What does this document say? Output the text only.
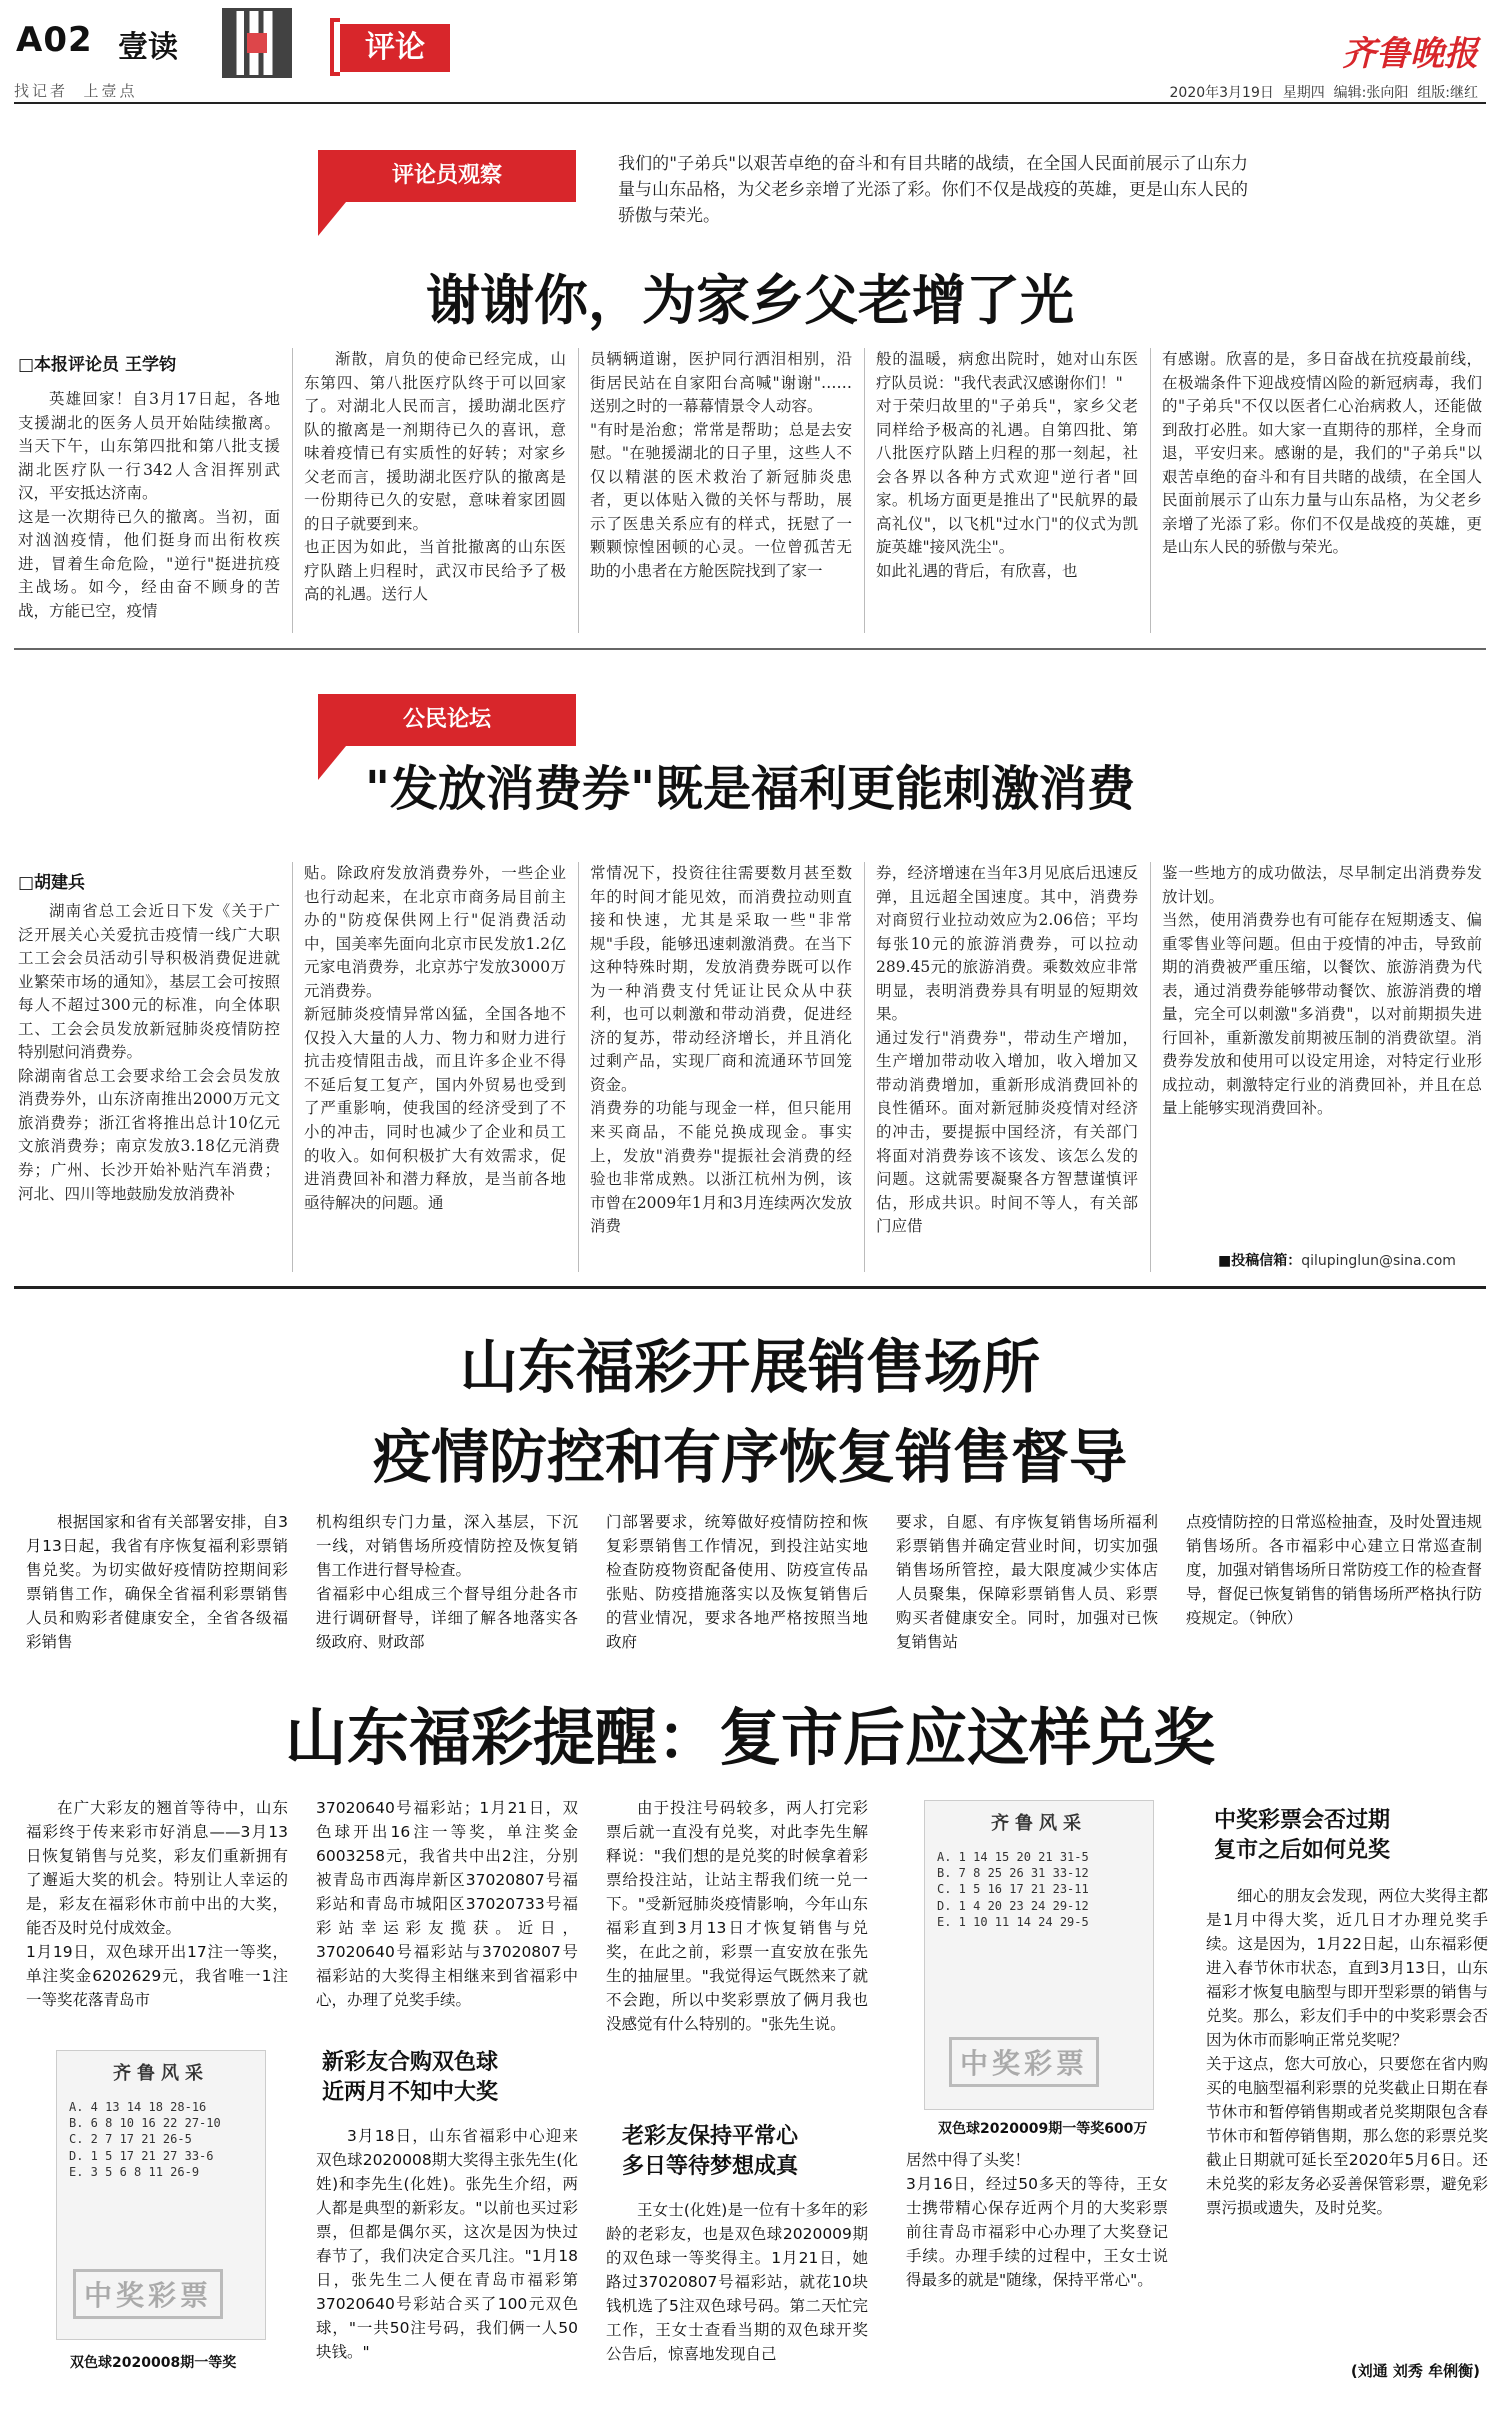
A02 壹读
找记者  上壹点
评论	齐鲁晚报
2020年3月19日  星期四  编辑:张向阳  组版:继红
评论员观察	我们的"子弟兵"以艰苦卓绝的奋斗和有目共睹的战绩，在全国人民面前展示了山东力量与山东品格，为父老乡亲增了光添了彩。你们不仅是战疫的英雄，更是山东人民的骄傲与荣光。
谢谢你，为家乡父老增了光
□本报评论员 王学钧
英雄回家！自3月17日起，各地支援湖北的医务人员开始陆续撤离。当天下午，山东第四批和第八批支援湖北医疗队一行342人含泪挥别武汉，平安抵达济南。
这是一次期待已久的撤离。当初，面对汹汹疫情，他们挺身而出衔枚疾进，冒着生命危险，"逆行"挺进抗疫主战场。如今，经由奋不顾身的苦战，方能已空，疫情
渐散，肩负的使命已经完成，山东第四、第八批医疗队终于可以回家了。对湖北人民而言，援助湖北医疗队的撤离是一剂期待已久的喜讯，意味着疫情已有实质性的好转；对家乡父老而言，援助湖北医疗队的撤离是一份期待已久的安慰，意味着家团圆的日子就要到来。
也正因为如此，当首批撤离的山东医疗队踏上归程时，武汉市民给予了极高的礼遇。送行人
员辆辆道谢，医护同行洒泪相别，沿街居民站在自家阳台高喊"谢谢"……送别之时的一幕幕情景令人动容。
"有时是治愈；常常是帮助；总是去安慰。"在驰援湖北的日子里，这些人不仅以精湛的医术救治了新冠肺炎患者，更以体贴入微的关怀与帮助，展示了医患关系应有的样式，抚慰了一颗颗惊惶困顿的心灵。一位曾孤苦无助的小患者在方舱医院找到了家一
般的温暖，病愈出院时，她对山东医疗队员说："我代表武汉感谢你们！"
对于荣归故里的"子弟兵"，家乡父老同样给予极高的礼遇。自第四批、第八批医疗队踏上归程的那一刻起，社会各界以各种方式欢迎"逆行者"回家。机场方面更是推出了"民航界的最高礼仪"，以飞机"过水门"的仪式为凯旋英雄"接风洗尘"。
如此礼遇的背后，有欣喜，也
有感谢。欣喜的是，多日奋战在抗疫最前线，在极端条件下迎战疫情凶险的新冠病毒，我们的"子弟兵"不仅以医者仁心治病救人，还能做到敌打必胜。如大家一直期待的那样，全身而退，平安归来。感谢的是，我们的"子弟兵"以艰苦卓绝的奋斗和有目共睹的战绩，在全国人民面前展示了山东力量与山东品格，为父老乡亲增了光添了彩。你们不仅是战疫的英雄，更是山东人民的骄傲与荣光。
公民论坛
"发放消费券"既是福利更能刺激消费
□胡建兵
湖南省总工会近日下发《关于广泛开展关心关爱抗击疫情一线广大职工工会会员活动引导积极消费促进就业繁荣市场的通知》，基层工会可按照每人不超过300元的标准，向全体职工、工会会员发放新冠肺炎疫情防控特别慰问消费券。
除湖南省总工会要求给工会会员发放消费券外，山东济南推出2000万元文旅消费券；浙江省将推出总计10亿元文旅消费券；南京发放3.18亿元消费券；广州、长沙开始补贴汽车消费；河北、四川等地鼓励发放消费补
贴。除政府发放消费券外，一些企业也行动起来，在北京市商务局目前主办的"防疫保供网上行"促消费活动中，国美率先面向北京市民发放1.2亿元家电消费券，北京苏宁发放3000万元消费券。
新冠肺炎疫情异常凶猛，全国各地不仅投入大量的人力、物力和财力进行抗击疫情阻击战，而且许多企业不得不延后复工复产，国内外贸易也受到了严重影响，使我国的经济受到了不小的冲击，同时也减少了企业和员工的收入。如何积极扩大有效需求，促进消费回补和潜力释放，是当前各地亟待解决的问题。通
常情况下，投资往往需要数月甚至数年的时间才能见效，而消费拉动则直接和快速，尤其是采取一些"非常规"手段，能够迅速刺激消费。在当下这种特殊时期，发放消费券既可以作为一种消费支付凭证让民众从中获利，也可以刺激和带动消费，促进经济的复苏，带动经济增长，并且消化过剩产品，实现厂商和流通环节回笼资金。
消费券的功能与现金一样，但只能用来买商品，不能兑换成现金。事实上，发放"消费券"提振社会消费的经验也非常成熟。以浙江杭州为例，该市曾在2009年1月和3月连续两次发放消费
券，经济增速在当年3月见底后迅速反弹，且远超全国速度。其中，消费券对商贸行业拉动效应为2.06倍；平均每张10元的旅游消费券，可以拉动289.45元的旅游消费。乘数效应非常明显，表明消费券具有明显的短期效果。
通过发行"消费券"，带动生产增加，生产增加带动收入增加，收入增加又带动消费增加，重新形成消费回补的良性循环。面对新冠肺炎疫情对经济的冲击，要提振中国经济，有关部门将面对消费券该不该发、该怎么发的问题。这就需要凝聚各方智慧谨慎评估，形成共识。时间不等人，有关部门应借
鉴一些地方的成功做法，尽早制定出消费券发放计划。
当然，使用消费券也有可能存在短期透支、偏重零售业等问题。但由于疫情的冲击，导致前期的消费被严重压缩，以餐饮、旅游消费为代表，通过消费券能够带动餐饮、旅游消费的增量，完全可以刺激"多消费"，以对前期损失进行回补，重新激发前期被压制的消费欲望。消费券发放和使用可以设定用途，对特定行业形成拉动，刺激特定行业的消费回补，并且在总量上能够实现消费回补。
■投稿信箱：qilupinglun@sina.com
山东福彩开展销售场所
疫情防控和有序恢复销售督导
根据国家和省有关部署安排，自3月13日起，我省有序恢复福利彩票销售兑奖。为切实做好疫情防控期间彩票销售工作，确保全省福利彩票销售人员和购彩者健康安全，全省各级福彩销售
机构组织专门力量，深入基层，下沉一线，对销售场所疫情防控及恢复销售工作进行督导检查。
省福彩中心组成三个督导组分赴各市进行调研督导，详细了解各地落实各级政府、财政部
门部署要求，统筹做好疫情防控和恢复彩票销售工作情况，到投注站实地检查防疫物资配备使用、防疫宣传品张贴、防疫措施落实以及恢复销售后的营业情况，要求各地严格按照当地政府
要求，自愿、有序恢复销售场所福利彩票销售并确定营业时间，切实加强销售场所管控，最大限度减少实体店人员聚集，保障彩票销售人员、彩票购买者健康安全。同时，加强对已恢复销售站
点疫情防控的日常巡检抽查，及时处置违规销售场所。各市福彩中心建立日常巡查制度，加强对销售场所日常防疫工作的检查督导，督促已恢复销售的销售场所严格执行防疫规定。（钟欣）
山东福彩提醒：复市后应这样兑奖
在广大彩友的翘首等待中，山东福彩终于传来彩市好消息——3月13日恢复销售与兑奖，彩友们重新拥有了邂逅大奖的机会。特别让人幸运的是，彩友在福彩休市前中出的大奖，能否及时兑付成效金。
1月19日，双色球开出17注一等奖，单注奖金6202629元，我省唯一1注一等奖花落青岛市
齐鲁风采
A. 4 13 14 18 28-16
B. 6 8 10 16 22 27-10
C. 2 7 17 21 26-5
D. 1 5 17 21 27 33-6
E. 3 5 6 8 11 26-9
中奖彩票
双色球2020008期一等奖
37020640号福彩站；1月21日，双色球开出16注一等奖，单注奖金6003258元，我省共中出2注，分别被青岛市西海岸新区37020807号福彩站和青岛市城阳区37020733号福彩站幸运彩友揽获。近日，37020640号福彩站与37020807号福彩站的大奖得主相继来到省福彩中心，办理了兑奖手续。
新彩友合购双色球
近两月不知中大奖
3月18日，山东省福彩中心迎来双色球2020008期大奖得主张先生(化姓)和李先生(化姓)。张先生介绍，两人都是典型的新彩友。"以前也买过彩票，但都是偶尔买，这次是因为快过春节了，我们决定合买几注。"1月18日，张先生二人便在青岛市福彩第37020640号彩站合买了100元双色球，"一共50注号码，我们俩一人50块钱。"
由于投注号码较多，两人打完彩票后就一直没有兑奖，对此李先生解释说："我们想的是兑奖的时候拿着彩票给投注站，让站主帮我们统一兑一下。"受新冠肺炎疫情影响，今年山东福彩直到3月13日才恢复销售与兑奖，在此之前，彩票一直安放在张先生的抽屉里。"我觉得运气既然来了就不会跑，所以中奖彩票放了俩月我也没感觉有什么特别的。"张先生说。
老彩友保持平常心
多日等待梦想成真
王女士(化姓)是一位有十多年的彩龄的老彩友，也是双色球2020009期的双色球一等奖得主。1月21日，她路过37020807号福彩站，就花10块钱机选了5注双色球号码。第二天忙完工作，王女士查看当期的双色球开奖公告后，惊喜地发现自己
齐鲁风采
A. 1 14 15 20 21 31-5
B. 7 8 25 26 31 33-12
C. 1 5 16 17 21 23-11
D. 1 4 20 23 24 29-12
E. 1 10 11 14 24 29-5
中奖彩票
双色球2020009期一等奖600万
居然中得了头奖！
3月16日，经过50多天的等待，王女士携带精心保存近两个月的大奖彩票前往青岛市福彩中心办理了大奖登记手续。办理手续的过程中，王女士说得最多的就是"随缘，保持平常心"。
中奖彩票会否过期
复市之后如何兑奖
细心的朋友会发现，两位大奖得主都是1月中得大奖，近几日才办理兑奖手续。这是因为，1月22日起，山东福彩便进入春节休市状态，直到3月13日，山东福彩才恢复电脑型与即开型彩票的销售与兑奖。那么，彩友们手中的中奖彩票会否因为休市而影响正常兑奖呢？
关于这点，您大可放心，只要您在省内购买的电脑型福利彩票的兑奖截止日期在春节休市和暂停销售期或者兑奖期限包含春节休市和暂停销售期，那么您的彩票兑奖截止日期就可延长至2020年5月6日。还未兑奖的彩友务必妥善保管彩票，避免彩票污损或遗失，及时兑奖。
(刘通 刘秀 牟俐衡)
